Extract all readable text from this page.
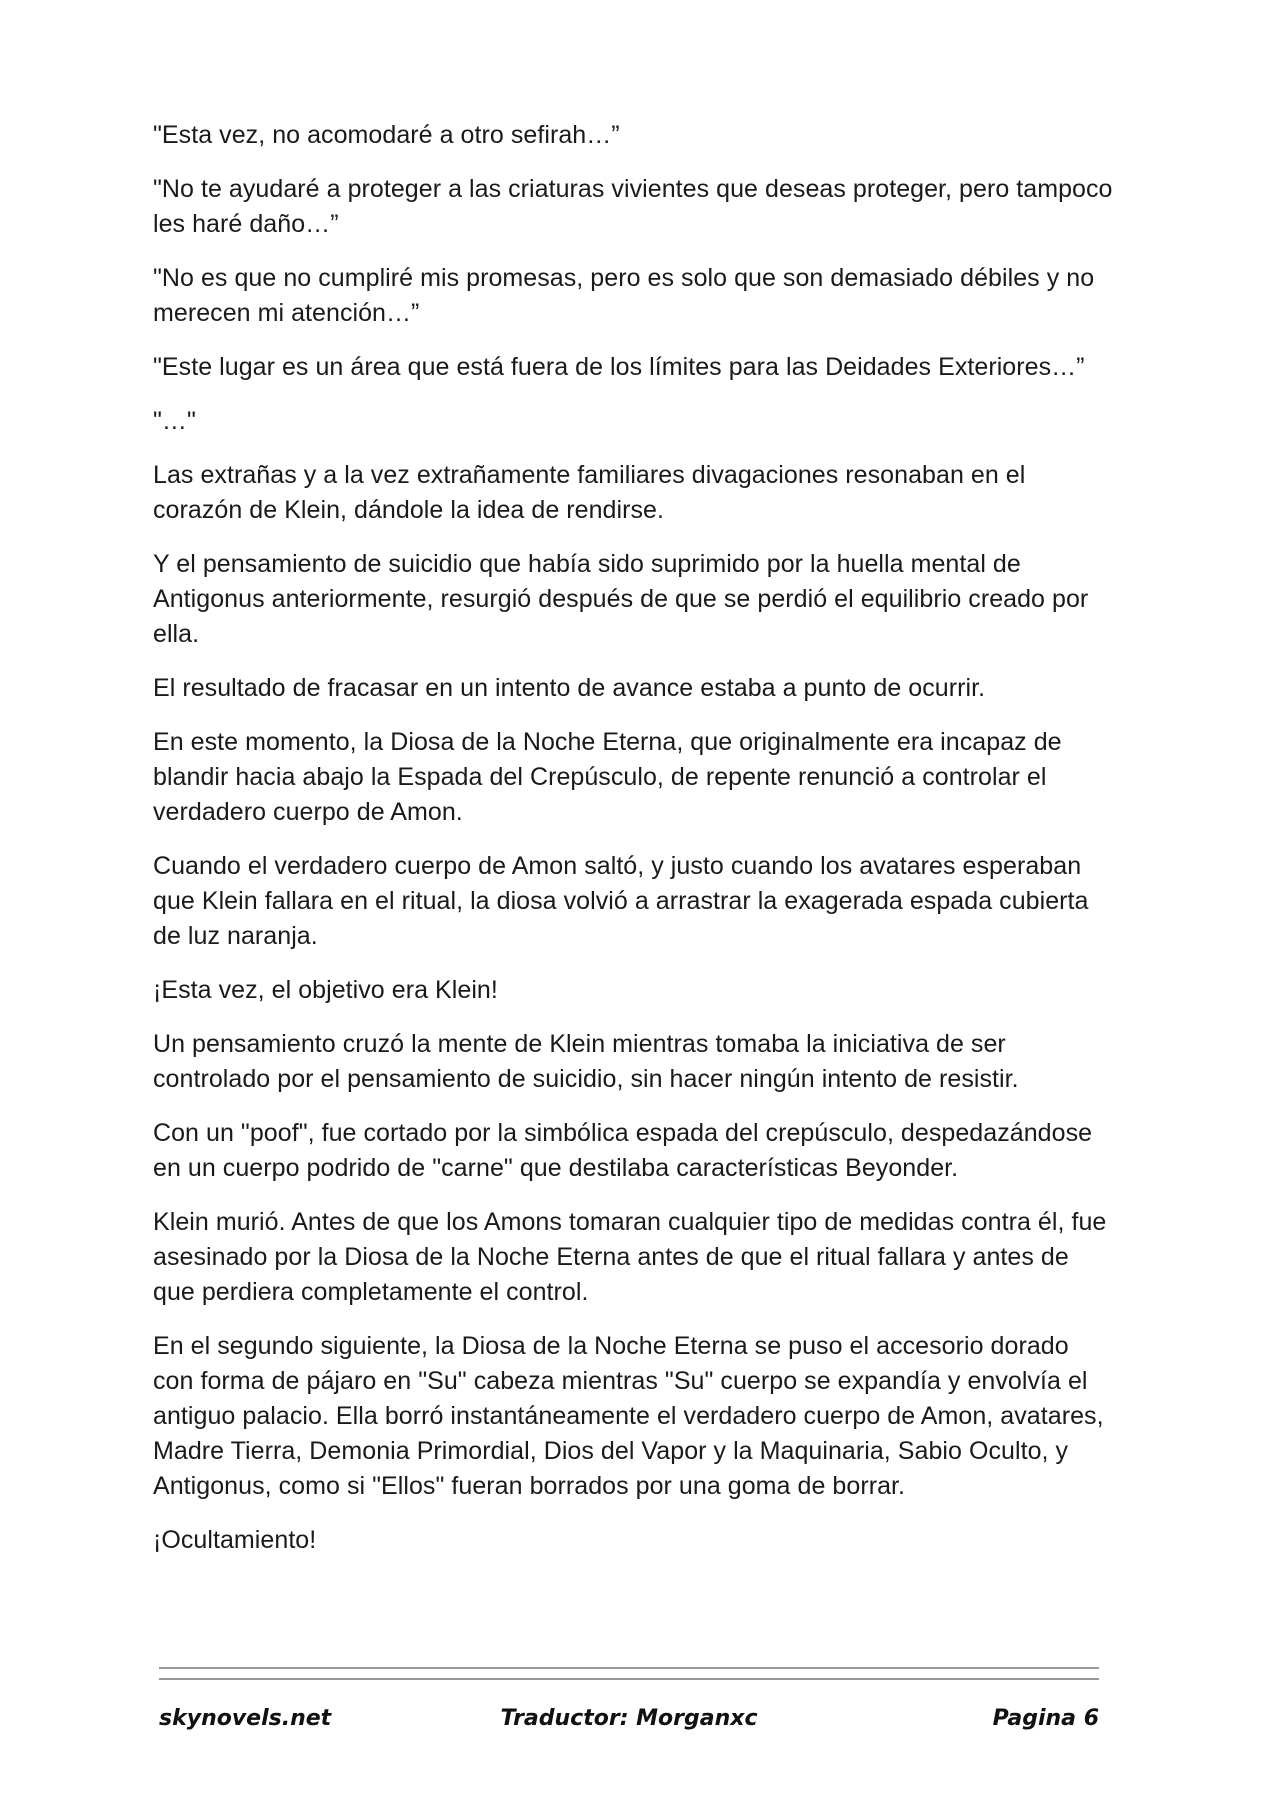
"Esta vez, no acomodaré a otro sefirah…”

"No te ayudaré a proteger a las criaturas vivientes que deseas proteger, pero tampoco les haré daño…”

"No es que no cumpliré mis promesas, pero es solo que son demasiado débiles y no merecen mi atención…”

"Este lugar es un área que está fuera de los límites para las Deidades Exteriores…”

"…"

Las extrañas y a la vez extrañamente familiares divagaciones resonaban en el corazón de Klein, dándole la idea de rendirse.

Y el pensamiento de suicidio que había sido suprimido por la huella mental de Antigonus anteriormente, resurgió después de que se perdió el equilibrio creado por ella.

El resultado de fracasar en un intento de avance estaba a punto de ocurrir.

En este momento, la Diosa de la Noche Eterna, que originalmente era incapaz de blandir hacia abajo la Espada del Crepúsculo, de repente renunció a controlar el verdadero cuerpo de Amon.

Cuando el verdadero cuerpo de Amon saltó, y justo cuando los avatares esperaban que Klein fallara en el ritual, la diosa volvió a arrastrar la exagerada espada cubierta de luz naranja.

¡Esta vez, el objetivo era Klein!

Un pensamiento cruzó la mente de Klein mientras tomaba la iniciativa de ser controlado por el pensamiento de suicidio, sin hacer ningún intento de resistir.

Con un "poof", fue cortado por la simbólica espada del crepúsculo, despedazándose en un cuerpo podrido de "carne" que destilaba características Beyonder.

Klein murió. Antes de que los Amons tomaran cualquier tipo de medidas contra él, fue asesinado por la Diosa de la Noche Eterna antes de que el ritual fallara y antes de que perdiera completamente el control.

En el segundo siguiente, la Diosa de la Noche Eterna se puso el accesorio dorado con forma de pájaro en "Su" cabeza mientras "Su" cuerpo se expandía y envolvía el antiguo palacio. Ella borró instantáneamente el verdadero cuerpo de Amon, avatares, Madre Tierra, Demonia Primordial, Dios del Vapor y la Maquinaria, Sabio Oculto, y Antigonus, como si "Ellos" fueran borrados por una goma de borrar.

¡Ocultamiento!

skynovels.net	Traductor: Morganxc	Pagina 6
